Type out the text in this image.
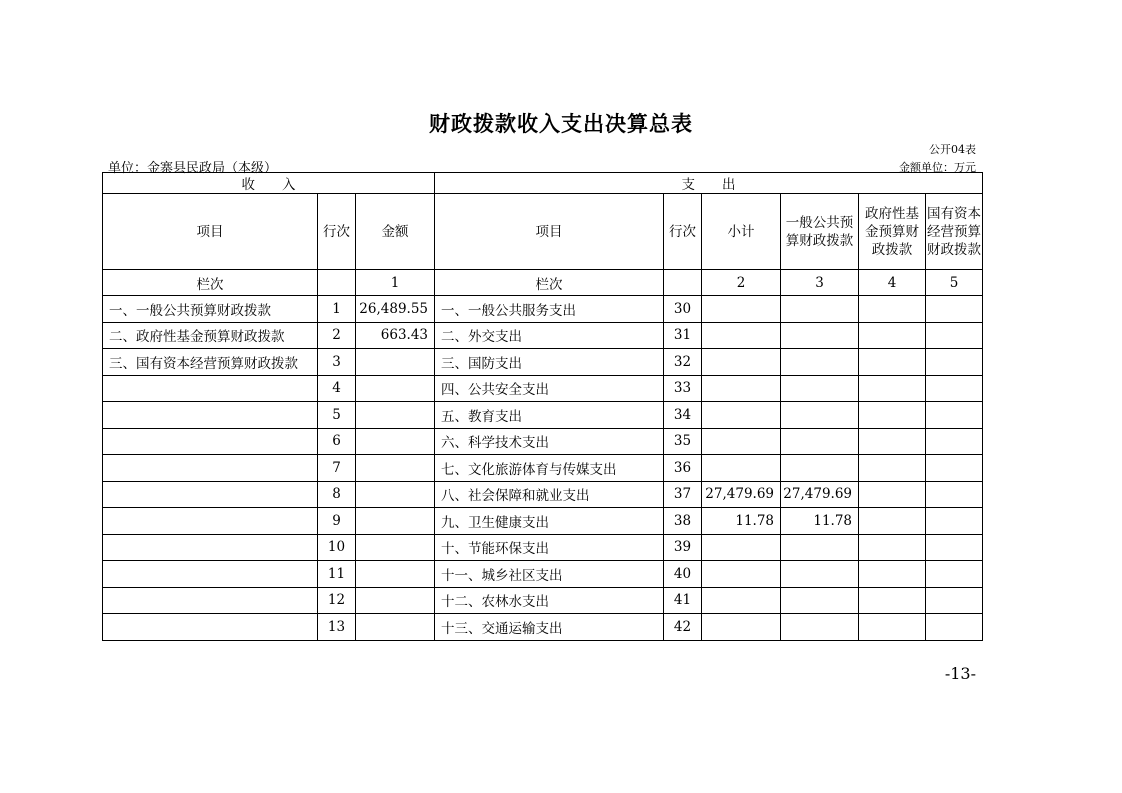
财政拨款收入支出决算总表
公开04表
单位：金寨县民政局（本级）	金额单位：万元
收　　入			支　　出					
项目	行次	金额	项目	行次	小计	一般公共预算财政拨款	政府性基金预算财政拨款	国有资本经营预算财政拨款
栏次		1	栏次		2	3	4	5
一、一般公共预算财政拨款	1	26,489.55	一、一般公共服务支出	30				
二、政府性基金预算财政拨款	2	663.43	二、外交支出	31				
三、国有资本经营预算财政拨款	3		三、国防支出	32				
	4		四、公共安全支出	33				
	5		五、教育支出	34				
	6		六、科学技术支出	35				
	7		七、文化旅游体育与传媒支出	36				
	8		八、社会保障和就业支出	37	27,479.69	27,479.69		
	9		九、卫生健康支出	38	11.78	11.78		
	10		十、节能环保支出	39				
	11		十一、城乡社区支出	40				
	12		十二、农林水支出	41				
	13		十三、交通运输支出	42				
-13-
